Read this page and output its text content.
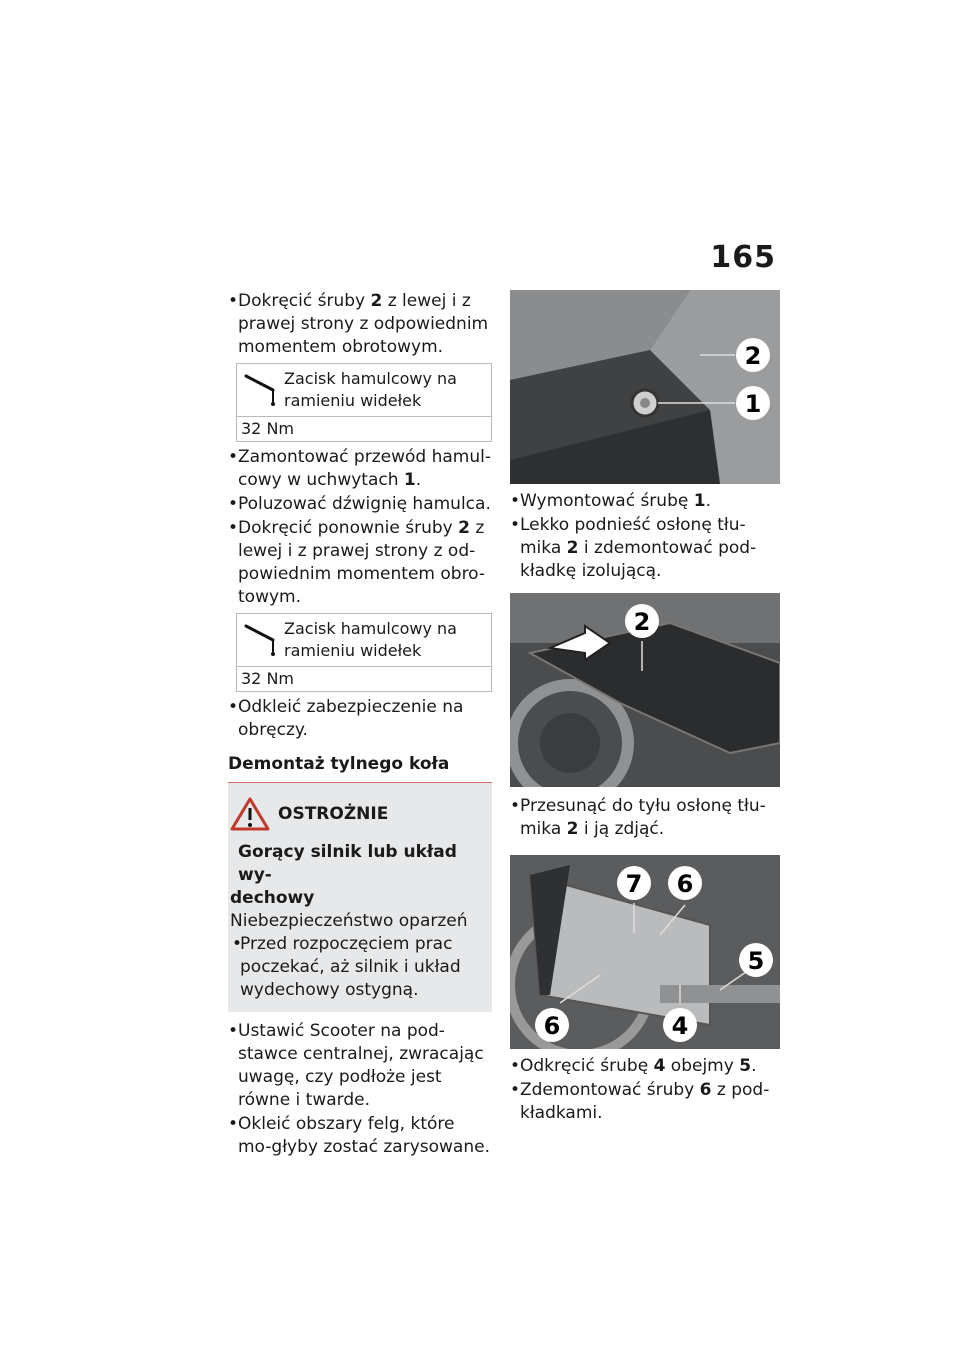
165
• Dokręcić śruby 2 z lewej i z prawej strony z odpowiednim momentem obrotowym.
Zacisk hamulcowy na ramieniu widełek
32 Nm
• Zamontować przewód hamul-cowy w uchwytach 1.
• Poluzować dźwignię hamulca.
• Dokręcić ponownie śruby 2 z lewej i z prawej strony z od-powiednim momentem obro-towym.
Zacisk hamulcowy na ramieniu widełek
32 Nm
• Odkleić zabezpieczenie na obręczy.
Demontaż tylnego koła
OSTROŻNIE
Gorący silnik lub układ wy-
dechowy
Niebezpieczeństwo oparzeń
•
Przed rozpoczęciem prac poczekać, aż silnik i układ wydechowy ostygną.
• Ustawić Scooter na pod-stawce centralnej, zwracając uwagę, czy podłoże jest równe i twarde.
• Okleić obszary felg, które mo-głyby zostać zarysowane.
2
1
• Wymontować śrubę 1.
• Lekko podnieść osłonę tłu-mika 2 i zdemontować pod-kładkę izolującą.
2
• Przesunąć do tyłu osłonę tłu-mika 2 i ją zdjąć.
7 6
5
6	4
• Odkręcić śrubę 4 obejmy 5.
• Zdemontować śruby 6 z pod-kładkami.
